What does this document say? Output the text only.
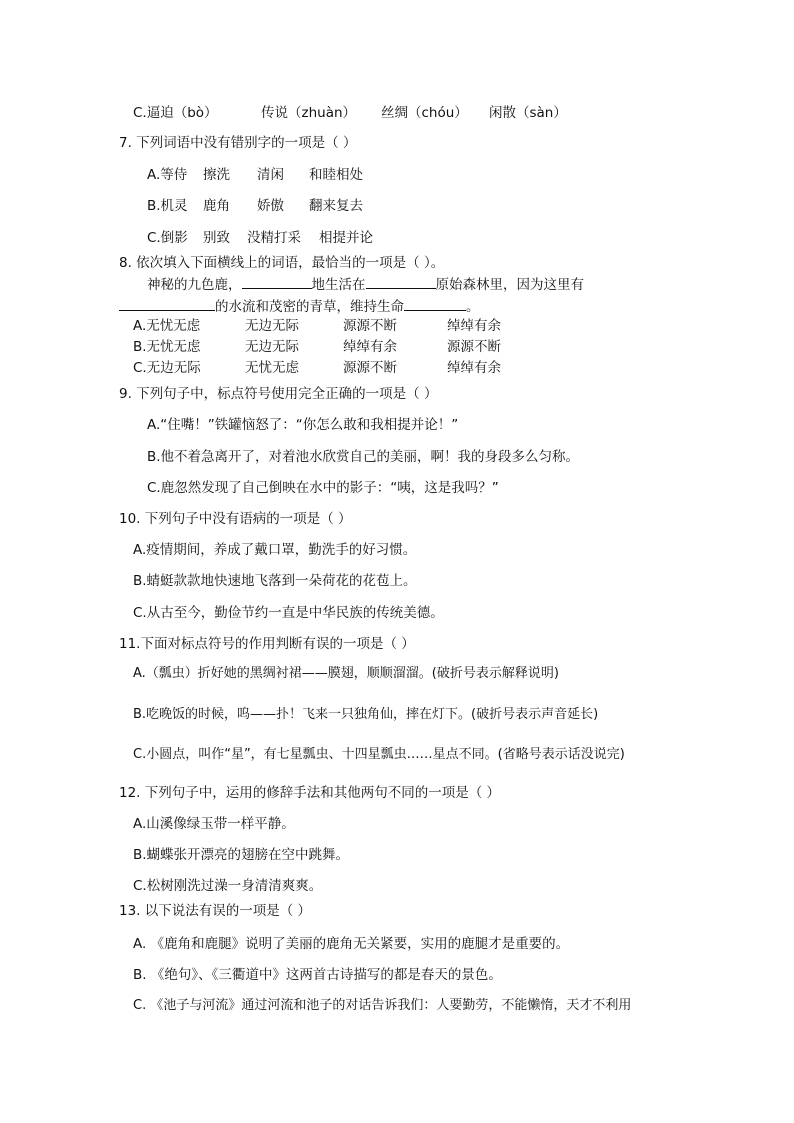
C.逼迫（bò）	传说（zhuàn） 丝绸（chóu） 闲散（sàn）
7. 下列词语中没有错别字的一项是（ ）
A.等侍 擦洗 清闲 和睦相处
B.机灵 鹿角 娇傲 翻来复去
C.倒影 别致 没精打采 相提并论
8. 依次填入下面横线上的词语，最恰当的一项是（ ）。
神秘的九色鹿，	地生活在	原始森林里，因为这里有
的水流和茂密的青草，维持生命	。
A.无忧无虑	无边无际	源源不断	绰绰有余
B.无忧无虑	无边无际	绰绰有余	源源不断
C.无边无际	无忧无虑	源源不断	绰绰有余
9. 下列句子中，标点符号使用完全正确的一项是（ ）
A.“住嘴！”铁罐恼怒了：“你怎么敢和我相提并论！”
B.他不着急离开了，对着池水欣赏自己的美丽，啊！我的身段多么匀称。
C.鹿忽然发现了自己倒映在水中的影子：“咦，这是我吗？”
10. 下列句子中没有语病的一项是（ ）
A.疫情期间，养成了戴口罩，勤洗手的好习惯。
B.蜻蜓款款地快速地飞落到一朵荷花的花苞上。
C.从古至今，勤俭节约一直是中华民族的传统美德。
11.下面对标点符号的作用判断有误的一项是（ ）
A.（瓢虫）折好她的黑绸衬裙——膜翅，顺顺溜溜。(破折号表示解释说明)
B.吃晚饭的时候，呜——扑！飞来一只独角仙，摔在灯下。(破折号表示声音延长)
C.小圆点，叫作“星”，有七星瓢虫、十四星瓢虫……星点不同。(省略号表示话没说完)
12. 下列句子中，运用的修辞手法和其他两句不同的一项是（ ）
A.山溪像绿玉带一样平静。
B.蝴蝶张开漂亮的翅膀在空中跳舞。
C.松树刚洗过澡一身清清爽爽。
13. 以下说法有误的一项是（ ）
A. 《鹿角和鹿腿》说明了美丽的鹿角无关紧要，实用的鹿腿才是重要的。
B. 《绝句》、《三衢道中》这两首古诗描写的都是春天的景色。
C. 《池子与河流》通过河流和池子的对话告诉我们：人要勤劳，不能懒惰，天才不利用
